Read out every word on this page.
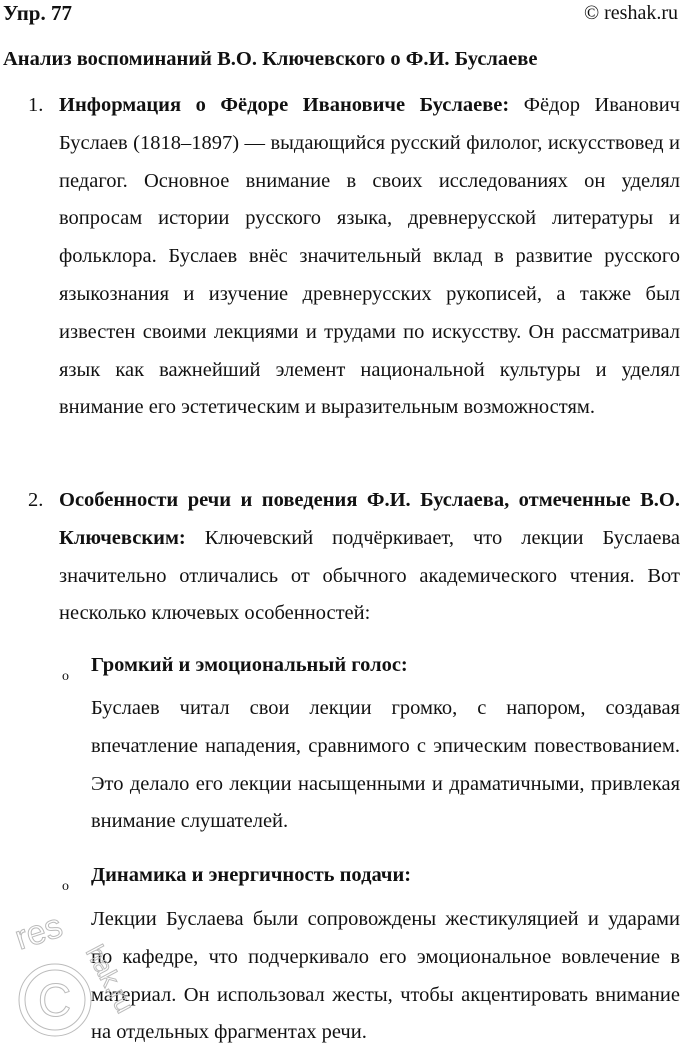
Упр. 77	© reshak.ru
Анализ воспоминаний В.О. Ключевского о Ф.И. Буслаеве
1. Информация о Фёдоре Ивановиче Буслаеве: Фёдор Иванович Буслаев (1818–1897) — выдающийся русский филолог, искусствовед и педагог. Основное внимание в своих исследованиях он уделял вопросам истории русского языка, древнерусской литературы и фольклора. Буслаев внёс значительный вклад в развитие русского языкознания и изучение древнерусских рукописей, а также был известен своими лекциями и трудами по искусству. Он рассматривал язык как важнейший элемент национальной культуры и уделял внимание его эстетическим и выразительным возможностям.
2. Особенности речи и поведения Ф.И. Буслаева, отмеченные В.О. Ключевским: Ключевский подчёркивает, что лекции Буслаева значительно отличались от обычного академического чтения. Вот несколько ключевых особенностей:
o
Громкий и эмоциональный голос:
Буслаев читал свои лекции громко, с напором, создавая впечатление нападения, сравнимого с эпическим повествованием. Это делало его лекции насыщенными и драматичными, привлекая внимание слушателей.
o
Динамика и энергичность подачи:
Лекции Буслаева были сопровождены жестикуляцией и ударами по кафедре, что подчеркивало его эмоциональное вовлечение в материал. Он использовал жесты, чтобы акцентировать внимание на отдельных фрагментах речи.
C
res
hak.ru
